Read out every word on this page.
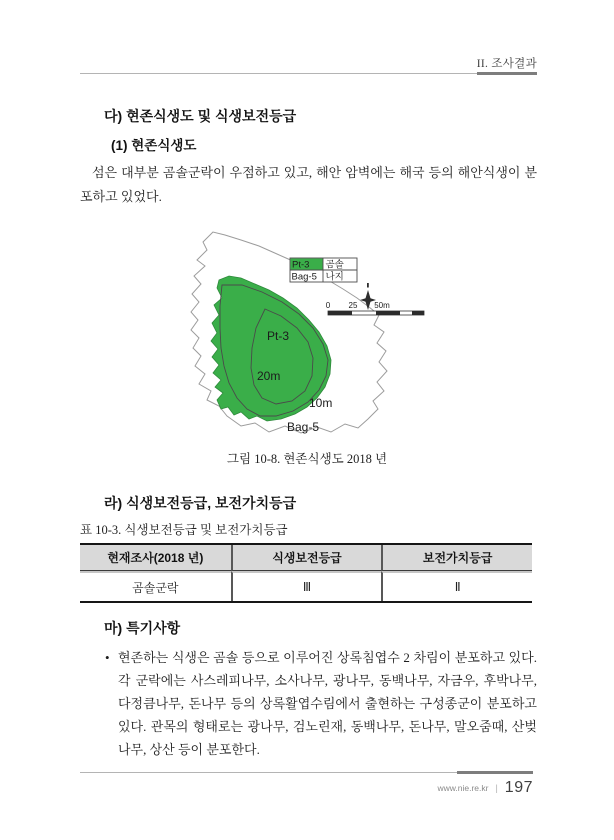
II. 조사결과
다) 현존식생도 및 식생보전등급
(1) 현존식생도
섬은 대부분 곰솔군락이 우점하고 있고, 해안 암벽에는 해국 등의 해안식생이 분포하고 있었다.
Pt-3
20m
10m
Bag-5
Pt-3 곰솔
Bag-5 나지
0 25 50m
그림 10-8. 현존식생도 2018 년
라) 식생보전등급, 보전가치등급
표 10-3. 식생보전등급 및 보전가치등급
현재조사(2018 년)	식생보전등급	보전가치등급
곰솔군락	Ⅲ	Ⅱ
마) 특기사항
• 현존하는 식생은 곰솔 등으로 이루어진 상록침엽수 2 차림이 분포하고 있다. 각 군락에는 사스레피나무, 소사나무, 광나무, 동백나무, 자금우, 후박나무, 다정큼나무, 돈나무 등의 상록활엽수림에서 출현하는 구성종군이 분포하고 있다. 관목의 형태로는 광나무, 검노린재, 동백나무, 돈나무, 말오줌때, 산벚나무, 상산 등이 분포한다.
www.nie.re.kr | 197
